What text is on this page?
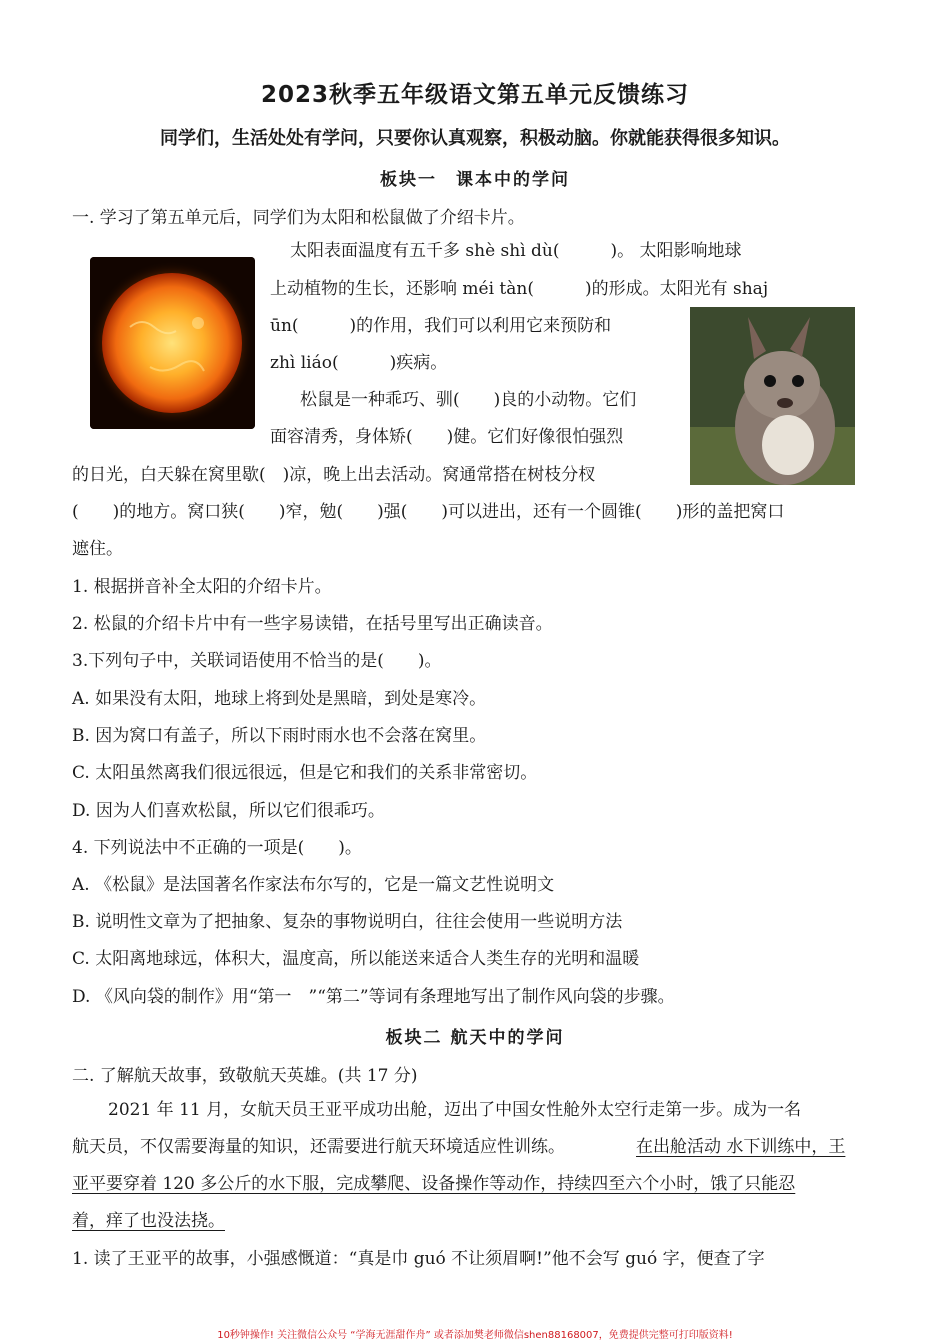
2023秋季五年级语文第五单元反馈练习
同学们，生活处处有学问，只要你认真观察，积极动脑。你就能获得很多知识。
板块一　课本中的学问
一. 学习了第五单元后，同学们为太阳和松鼠做了介绍卡片。
太阳表面温度有五千多 shè shì dù(　　　)。 太阳影响地球
上动植物的生长，还影响 méi tàn(　　　)的形成。太阳光有 shaj
ūn(　　　)的作用，我们可以利用它来预防和
zhì liáo(　　　)疾病。
松鼠是一种乖巧、驯(　　)良的小动物。它们
面容清秀，身体矫(　　)健。它们好像很怕强烈
的日光，白天躲在窝里歇(　)凉，晚上出去活动。窝通常搭在树枝分杈
(　　)的地方。窝口狭(　　)窄，勉(　　)强(　　)可以进出，还有一个圆锥(　　)形的盖把窝口
遮住。
1. 根据拼音补全太阳的介绍卡片。
2. 松鼠的介绍卡片中有一些字易读错，在括号里写出正确读音。
3.下列句子中，关联词语使用不恰当的是(　　)。
A. 如果没有太阳，地球上将到处是黑暗，到处是寒冷。
B. 因为窝口有盖子，所以下雨时雨水也不会落在窝里。
C. 太阳虽然离我们很远很远，但是它和我们的关系非常密切。
D. 因为人们喜欢松鼠，所以它们很乖巧。
4. 下列说法中不正确的一项是(　　)。
A. 《松鼠》是法国著名作家法布尔写的，它是一篇文艺性说明文
B. 说明性文章为了把抽象、复杂的事物说明白，往往会使用一些说明方法
C. 太阳离地球远，体积大，温度高，所以能送来适合人类生存的光明和温暖
D. 《风向袋的制作》用“第一　”“第二”等词有条理地写出了制作风向袋的步骤。
板块二 航天中的学问
二. 了解航天故事，致敬航天英雄。(共 17 分)
2021 年 11 月，女航天员王亚平成功出舱，迈出了中国女性舱外太空行走第一步。成为一名
航天员，不仅需要海量的知识，还需要进行航天环境适应性训练。	在出舱活动 水下训练中，王
亚平要穿着 120 多公斤的水下服，完成攀爬、设备操作等动作，持续四至六个小时，饿了只能忍
着，痒了也没法挠。
1. 读了王亚平的故事，小强感慨道：“真是巾 guó 不让须眉啊!”他不会写 guó 字，便查了字
10秒钟操作! 关注微信公众号 “学海无涯甜作舟” 或者添加樊老师微信shen88168007，免费提供完整可打印版资料!
